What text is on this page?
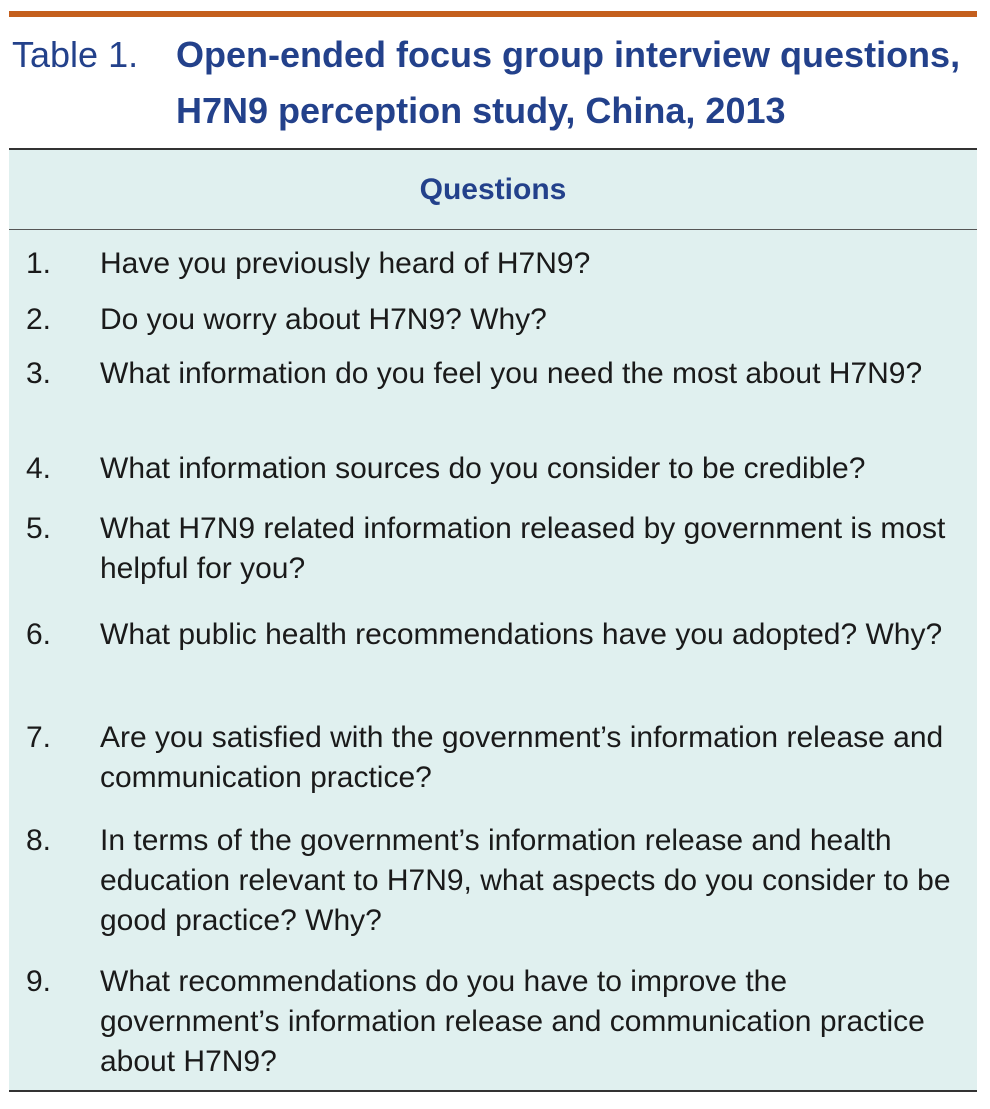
Table 1. Open-ended focus group interview questions, H7N9 perception study, China, 2013
Questions
1. Have you previously heard of H7N9?
2. Do you worry about H7N9? Why?
3. What information do you feel you need the most about H7N9?
4. What information sources do you consider to be credible?
5. What H7N9 related information released by government is most helpful for you?
6. What public health recommendations have you adopted? Why?
7. Are you satisfied with the government’s information release and communication practice?
8. In terms of the government’s information release and health education relevant to H7N9, what aspects do you consider to be good practice? Why?
9. What recommendations do you have to improve the government’s information release and communication practice about H7N9?
